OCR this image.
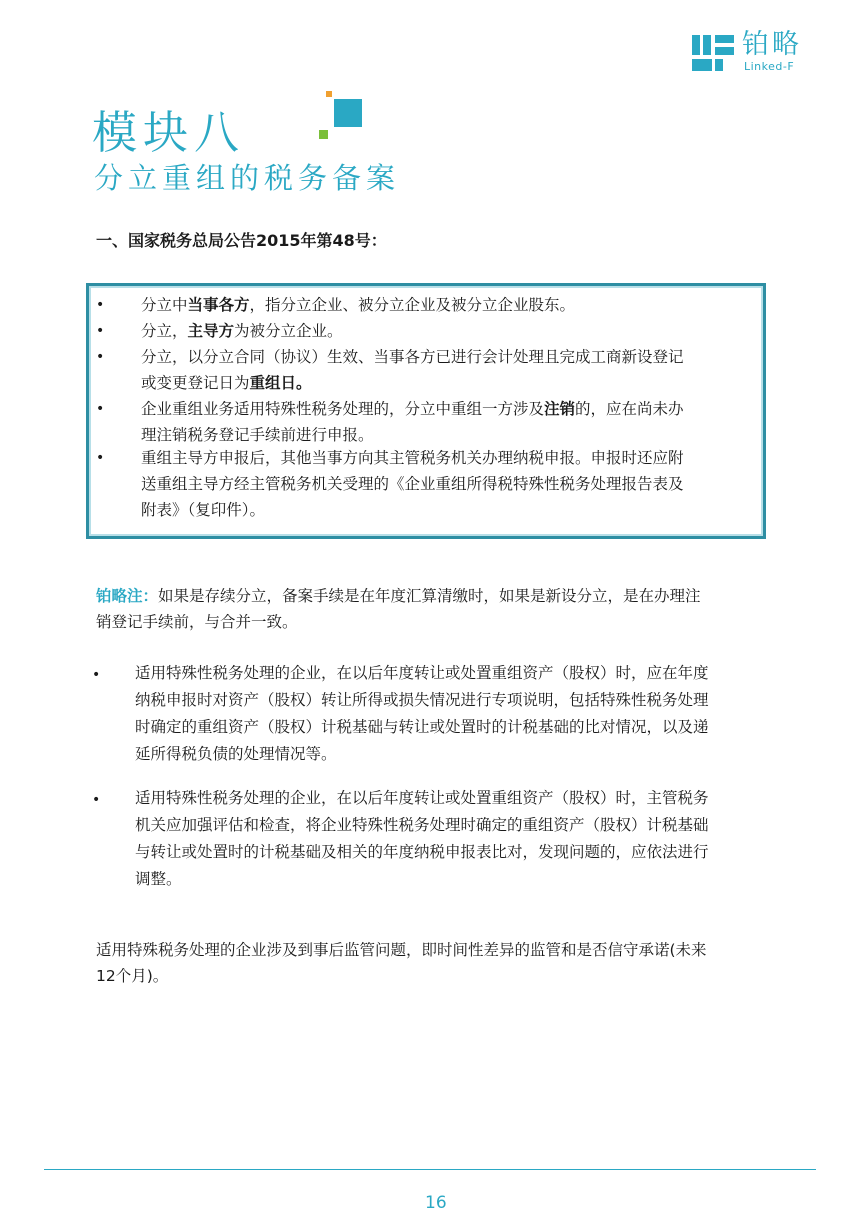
铂略
Linked-F
模块八
分立重组的税务备案
一、国家税务总局公告2015年第48号：
• 分立中当事各方，指分立企业、被分立企业及被分立企业股东。
• 分立，主导方为被分立企业。
• 分立，以分立合同（协议）生效、当事各方已进行会计处理且完成工商新设登记
或变更登记日为重组日。
• 企业重组业务适用特殊性税务处理的，分立中重组一方涉及注销的，应在尚未办
理注销税务登记手续前进行申报。
• 重组主导方申报后，其他当事方向其主管税务机关办理纳税申报。申报时还应附
送重组主导方经主管税务机关受理的《企业重组所得税特殊性税务处理报告表及
附表》（复印件）。
铂略注：如果是存续分立，备案手续是在年度汇算清缴时，如果是新设分立，是在办理注
销登记手续前，与合并一致。
• 适用特殊性税务处理的企业，在以后年度转让或处置重组资产（股权）时，应在年度
纳税申报时对资产（股权）转让所得或损失情况进行专项说明，包括特殊性税务处理
时确定的重组资产（股权）计税基础与转让或处置时的计税基础的比对情况，以及递
延所得税负债的处理情况等。
• 适用特殊性税务处理的企业，在以后年度转让或处置重组资产（股权）时，主管税务
机关应加强评估和检查，将企业特殊性税务处理时确定的重组资产（股权）计税基础
与转让或处置时的计税基础及相关的年度纳税申报表比对，发现问题的，应依法进行
调整。
适用特殊税务处理的企业涉及到事后监管问题，即时间性差异的监管和是否信守承诺(未来
12个月)。
16
